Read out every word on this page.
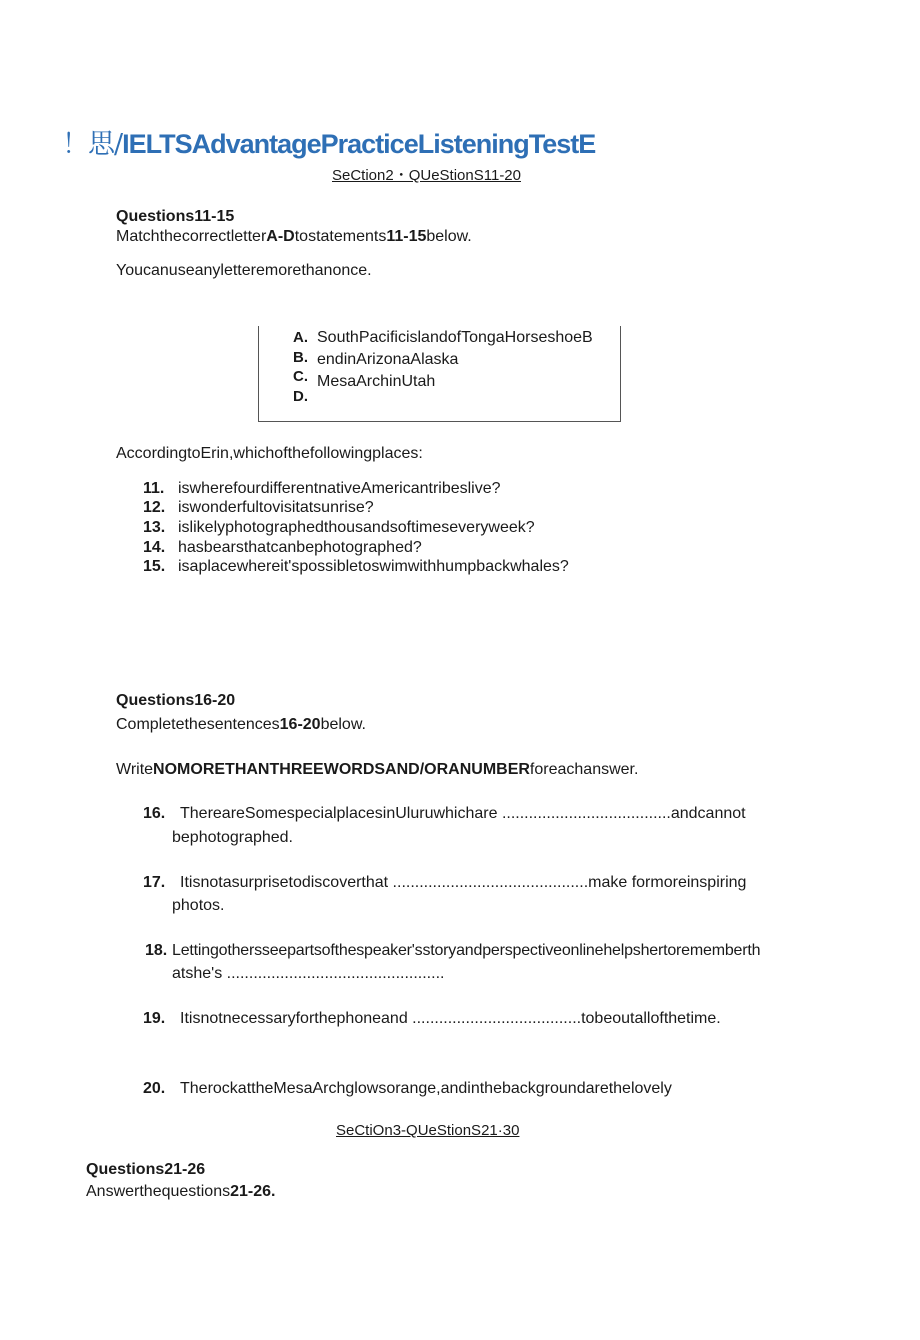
！思/IELTSAdvantagePracticeListeningTestE
SeCtion2・QUeStionS11-20
Questions11-15
MatchthecorrectletterA-Dtostatements11-15below.
Youcanuseanyletteremorethanonce.
A.
B.
C.
D.
SouthPacificislandofTongaHorseshoeB
endinArizonaAlaska
MesaArchinUtah
AccordingtoErin,whichofthefollowingplaces:
11. iswherefourdifferentnativeAmericantribeslive?
12. iswonderfultovisitatsunrise?
13. islikelyphotographedthousandsoftimeseveryweek?
14. hasbearsthatcanbephotographed?
15. isaplacewhereit'spossibletoswimwithhumpbackwhales?
Questions16-20
Completethesentences16-20below.
WriteNOMORETHANTHREEWORDSAND/ORANUMBERforeachanswer.
16. ThereareSomespecialplacesinUluruwhichare ......................................andcannot
bephotographed.
17. Itisnotasurprisetodiscoverthat ............................................make formoreinspiring
photos.
18. Lettingothersseepartsofthespeaker'sstoryandperspectiveonlinehelpshertorememberth
atshe's .................................................
19. Itisnotnecessaryforthephoneand ......................................tobeoutallofthetime.
20. TherockattheMesaArchglowsorange,andinthebackgroundarethelovely
SeCtiOn3-QUeStionS21·30
Questions21-26
Answerthequestions21-26.
